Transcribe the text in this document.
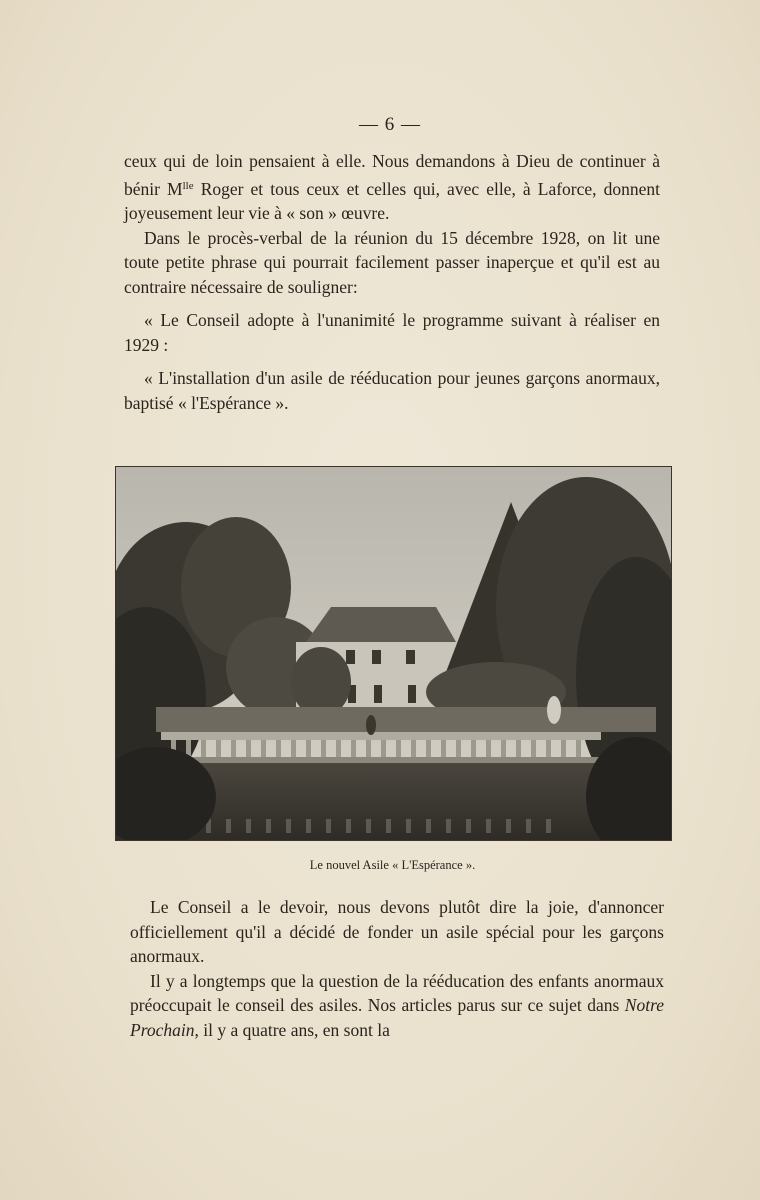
— 6 —

ceux qui de loin pensaient à elle. Nous demandons à Dieu de continuer à bénir $M^{lle}$ Roger et tous ceux et celles qui, avec elle, à Laforce, donnent joyeusement leur vie à « son » œuvre.

Dans le procès-verbal de la réunion du 15 décembre 1928, on lit une toute petite phrase qui pourrait facilement passer inaperçue et qu'il est au contraire nécessaire de souligner:

« Le Conseil adopte à l'unanimité le programme suivant à réaliser en 1929 :

« L'installation d'un asile de rééducation pour jeunes garçons anormaux, baptisé « l'Espérance ».

Le nouvel Asile « L'Espérance ».

Le Conseil a le devoir, nous devons plutôt dire la joie, d'annoncer officiellement qu'il a décidé de fonder un asile spécial pour les garçons anormaux.

Il y a longtemps que la question de la rééducation des enfants anormaux préoccupait le conseil des asiles. Nos articles parus sur ce sujet dans Notre Prochain, il y a quatre ans, en sont la
